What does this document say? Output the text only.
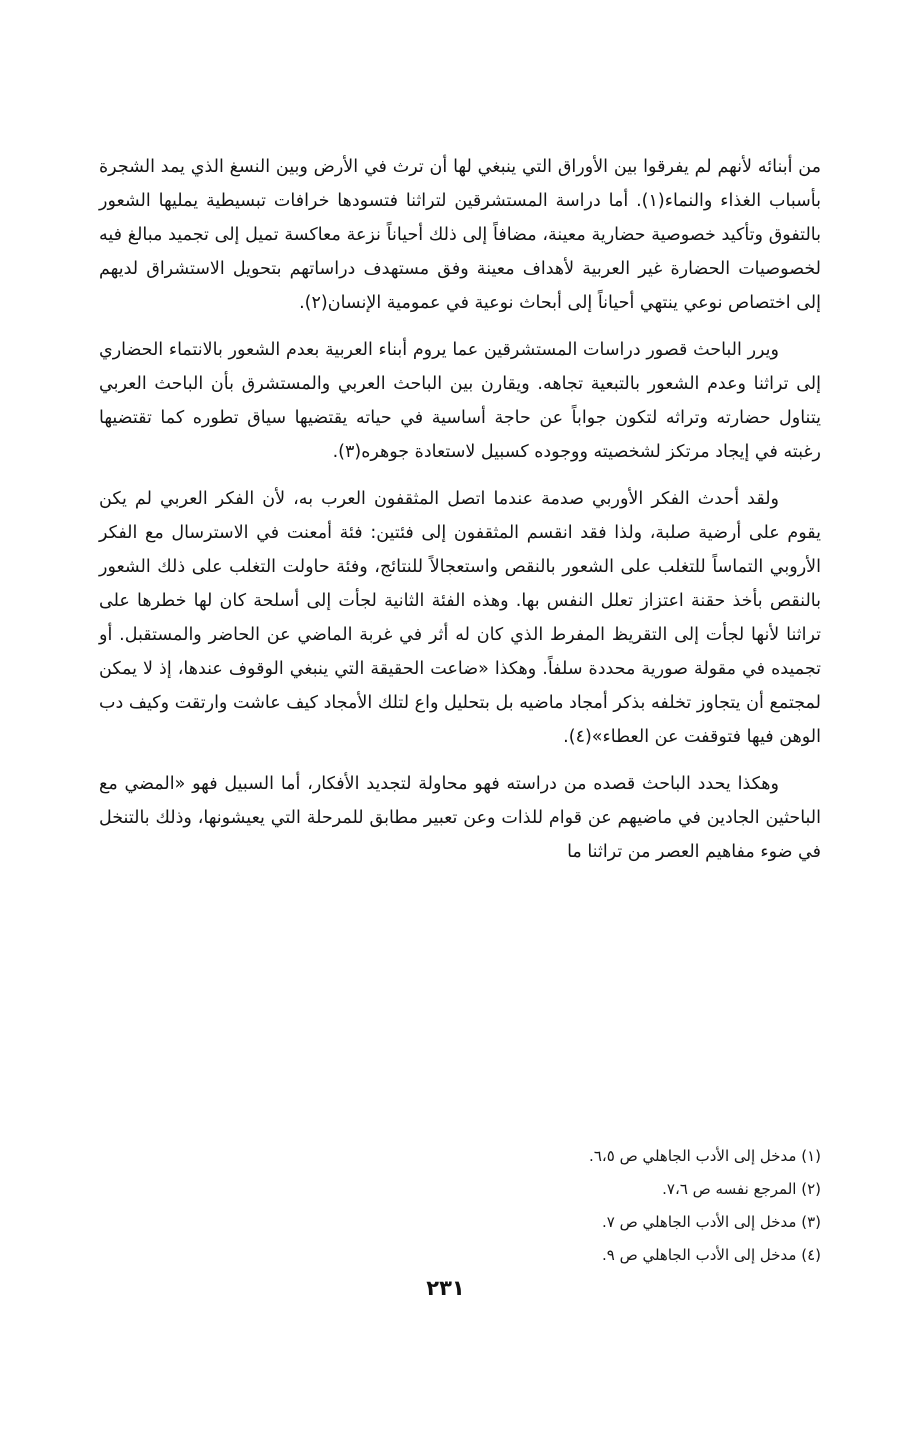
من أبنائه لأنهم لم يفرقوا بين الأوراق التي ينبغي لها أن ترث في الأرض وبين النسغ الذي يمد الشجرة بأسباب الغذاء والنماء(١). أما دراسة المستشرقين لتراثنا فتسودها خرافات تبسيطية يمليها الشعور بالتفوق وتأكيد خصوصية حضارية معينة، مضافاً إلى ذلك أحياناً نزعة معاكسة تميل إلى تجميد مبالغ فيه لخصوصيات الحضارة غير العربية لأهداف معينة وفق مستهدف دراساتهم بتحويل الاستشراق لديهم إلى اختصاص نوعي ينتهي أحياناً إلى أبحاث نوعية في عمومية الإنسان(٢).

ويرر الباحث قصور دراسات المستشرقين عما يروم أبناء العربية بعدم الشعور بالانتماء الحضاري إلى تراثنا وعدم الشعور بالتبعية تجاهه. ويقارن بين الباحث العربي والمستشرق بأن الباحث العربي يتناول حضارته وتراثه لتكون جواباً عن حاجة أساسية في حياته يقتضيها سياق تطوره كما تقتضيها رغبته في إيجاد مرتكز لشخصيته ووجوده كسبيل لاستعادة جوهره(٣).

ولقد أحدث الفكر الأوربي صدمة عندما اتصل المثقفون العرب به، لأن الفكر العربي لم يكن يقوم على أرضية صلبة، ولذا فقد انقسم المثقفون إلى فئتين: فئة أمعنت في الاسترسال مع الفكر الأروبي التماساً للتغلب على الشعور بالنقص واستعجالاً للنتائج، وفئة حاولت التغلب على ذلك الشعور بالنقص بأخذ حقنة اعتزاز تعلل النفس بها. وهذه الفئة الثانية لجأت إلى أسلحة كان لها خطرها على تراثنا لأنها لجأت إلى التقريظ المفرط الذي كان له أثر في غربة الماضي عن الحاضر والمستقبل. أو تجميده في مقولة صورية محددة سلفاً. وهكذا «ضاعت الحقيقة التي ينبغي الوقوف عندها، إذ لا يمكن لمجتمع أن يتجاوز تخلفه بذكر أمجاد ماضيه بل بتحليل واع لتلك الأمجاد كيف عاشت وارتقت وكيف دب الوهن فيها فتوقفت عن العطاء»(٤).

وهكذا يحدد الباحث قصده من دراسته فهو محاولة لتجديد الأفكار، أما السبيل فهو «المضي مع الباحثين الجادين في ماضيهم عن قوام للذات وعن تعبير مطابق للمرحلة التي يعيشونها، وذلك بالتنخل في ضوء مفاهيم العصر من تراثنا ما

(١) مدخل إلى الأدب الجاهلي ص ٦،٥.

(٢) المرجع نفسه ص ٧،٦.

(٣) مدخل إلى الأدب الجاهلي ص ٧.

(٤) مدخل إلى الأدب الجاهلي ص ٩.

٢٣١
